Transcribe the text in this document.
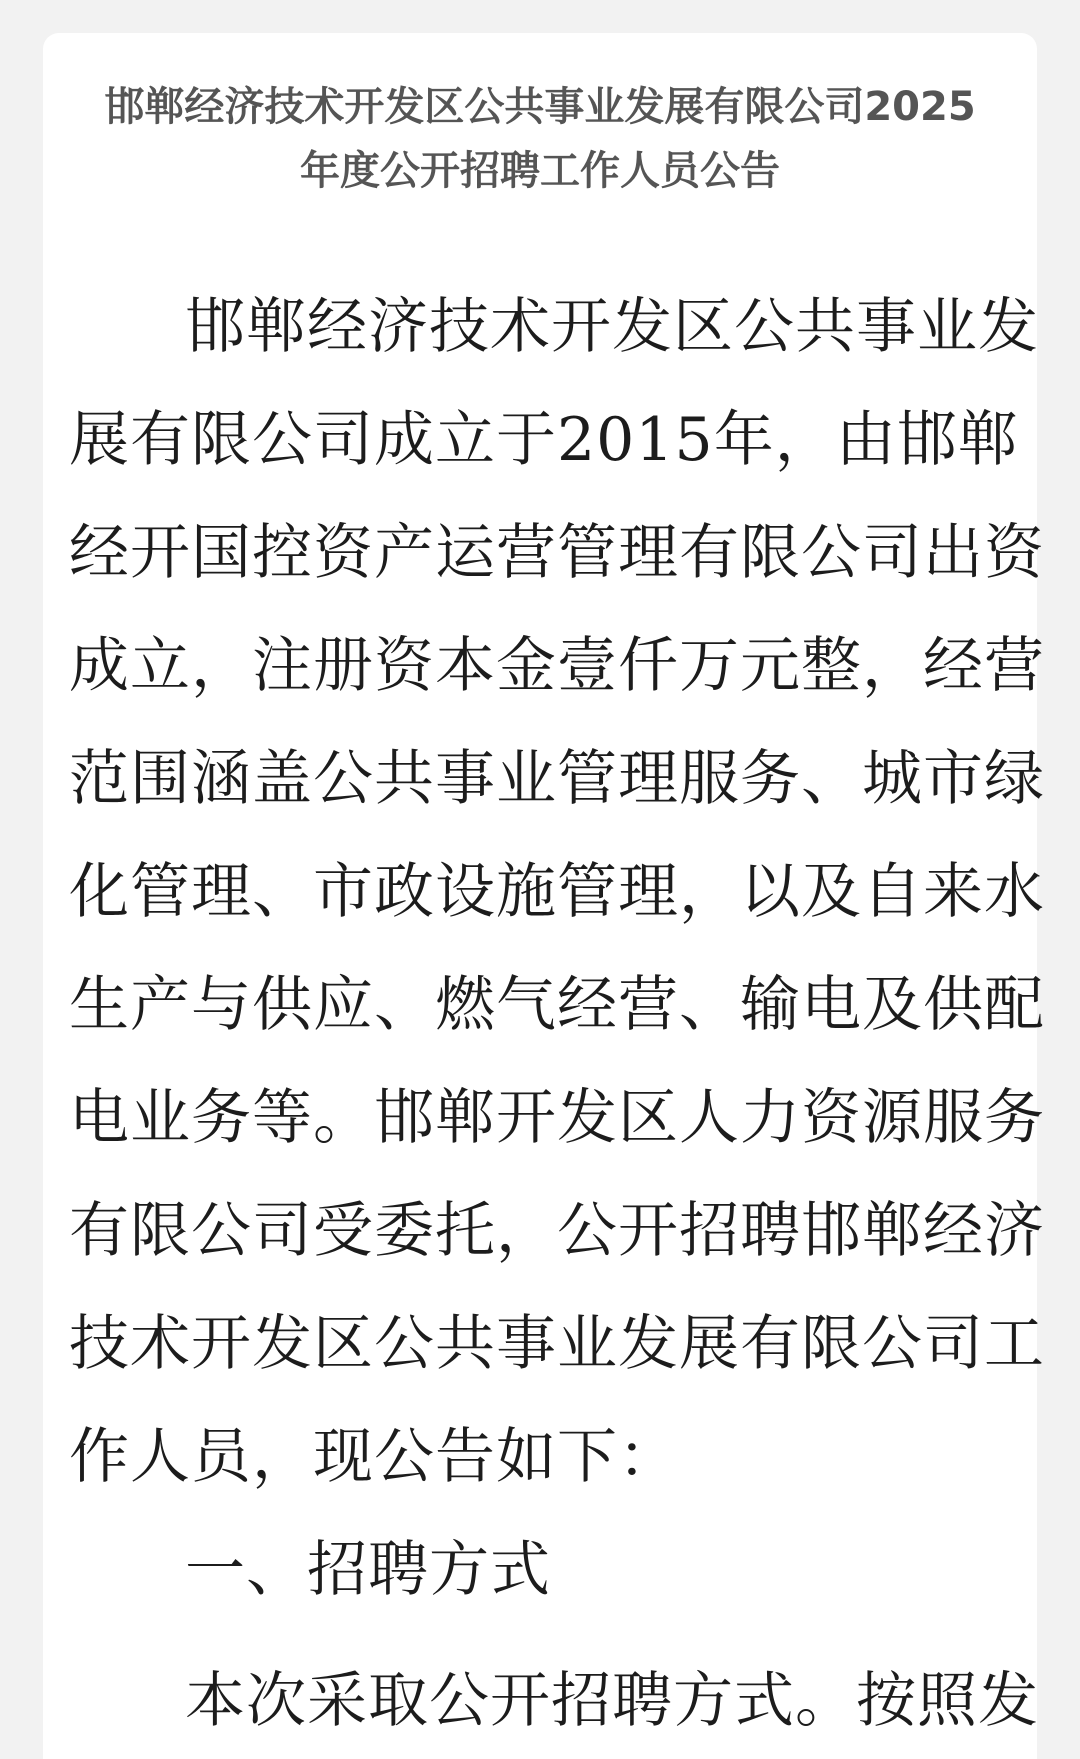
邯郸经济技术开发区公共事业发展有限公司2025
年度公开招聘工作人员公告
邯郸经济技术开发区公共事业发
展有限公司成立于2015年，由邯郸
经开国控资产运营管理有限公司出资
成立，注册资本金壹仟万元整，经营
范围涵盖公共事业管理服务、城市绿
化管理、市政设施管理，以及自来水
生产与供应、燃气经营、输电及供配
电业务等。邯郸开发区人力资源服务
有限公司受委托，公开招聘邯郸经济
技术开发区公共事业发展有限公司工
作人员，现公告如下：
一、招聘方式
本次采取公开招聘方式。按照发
